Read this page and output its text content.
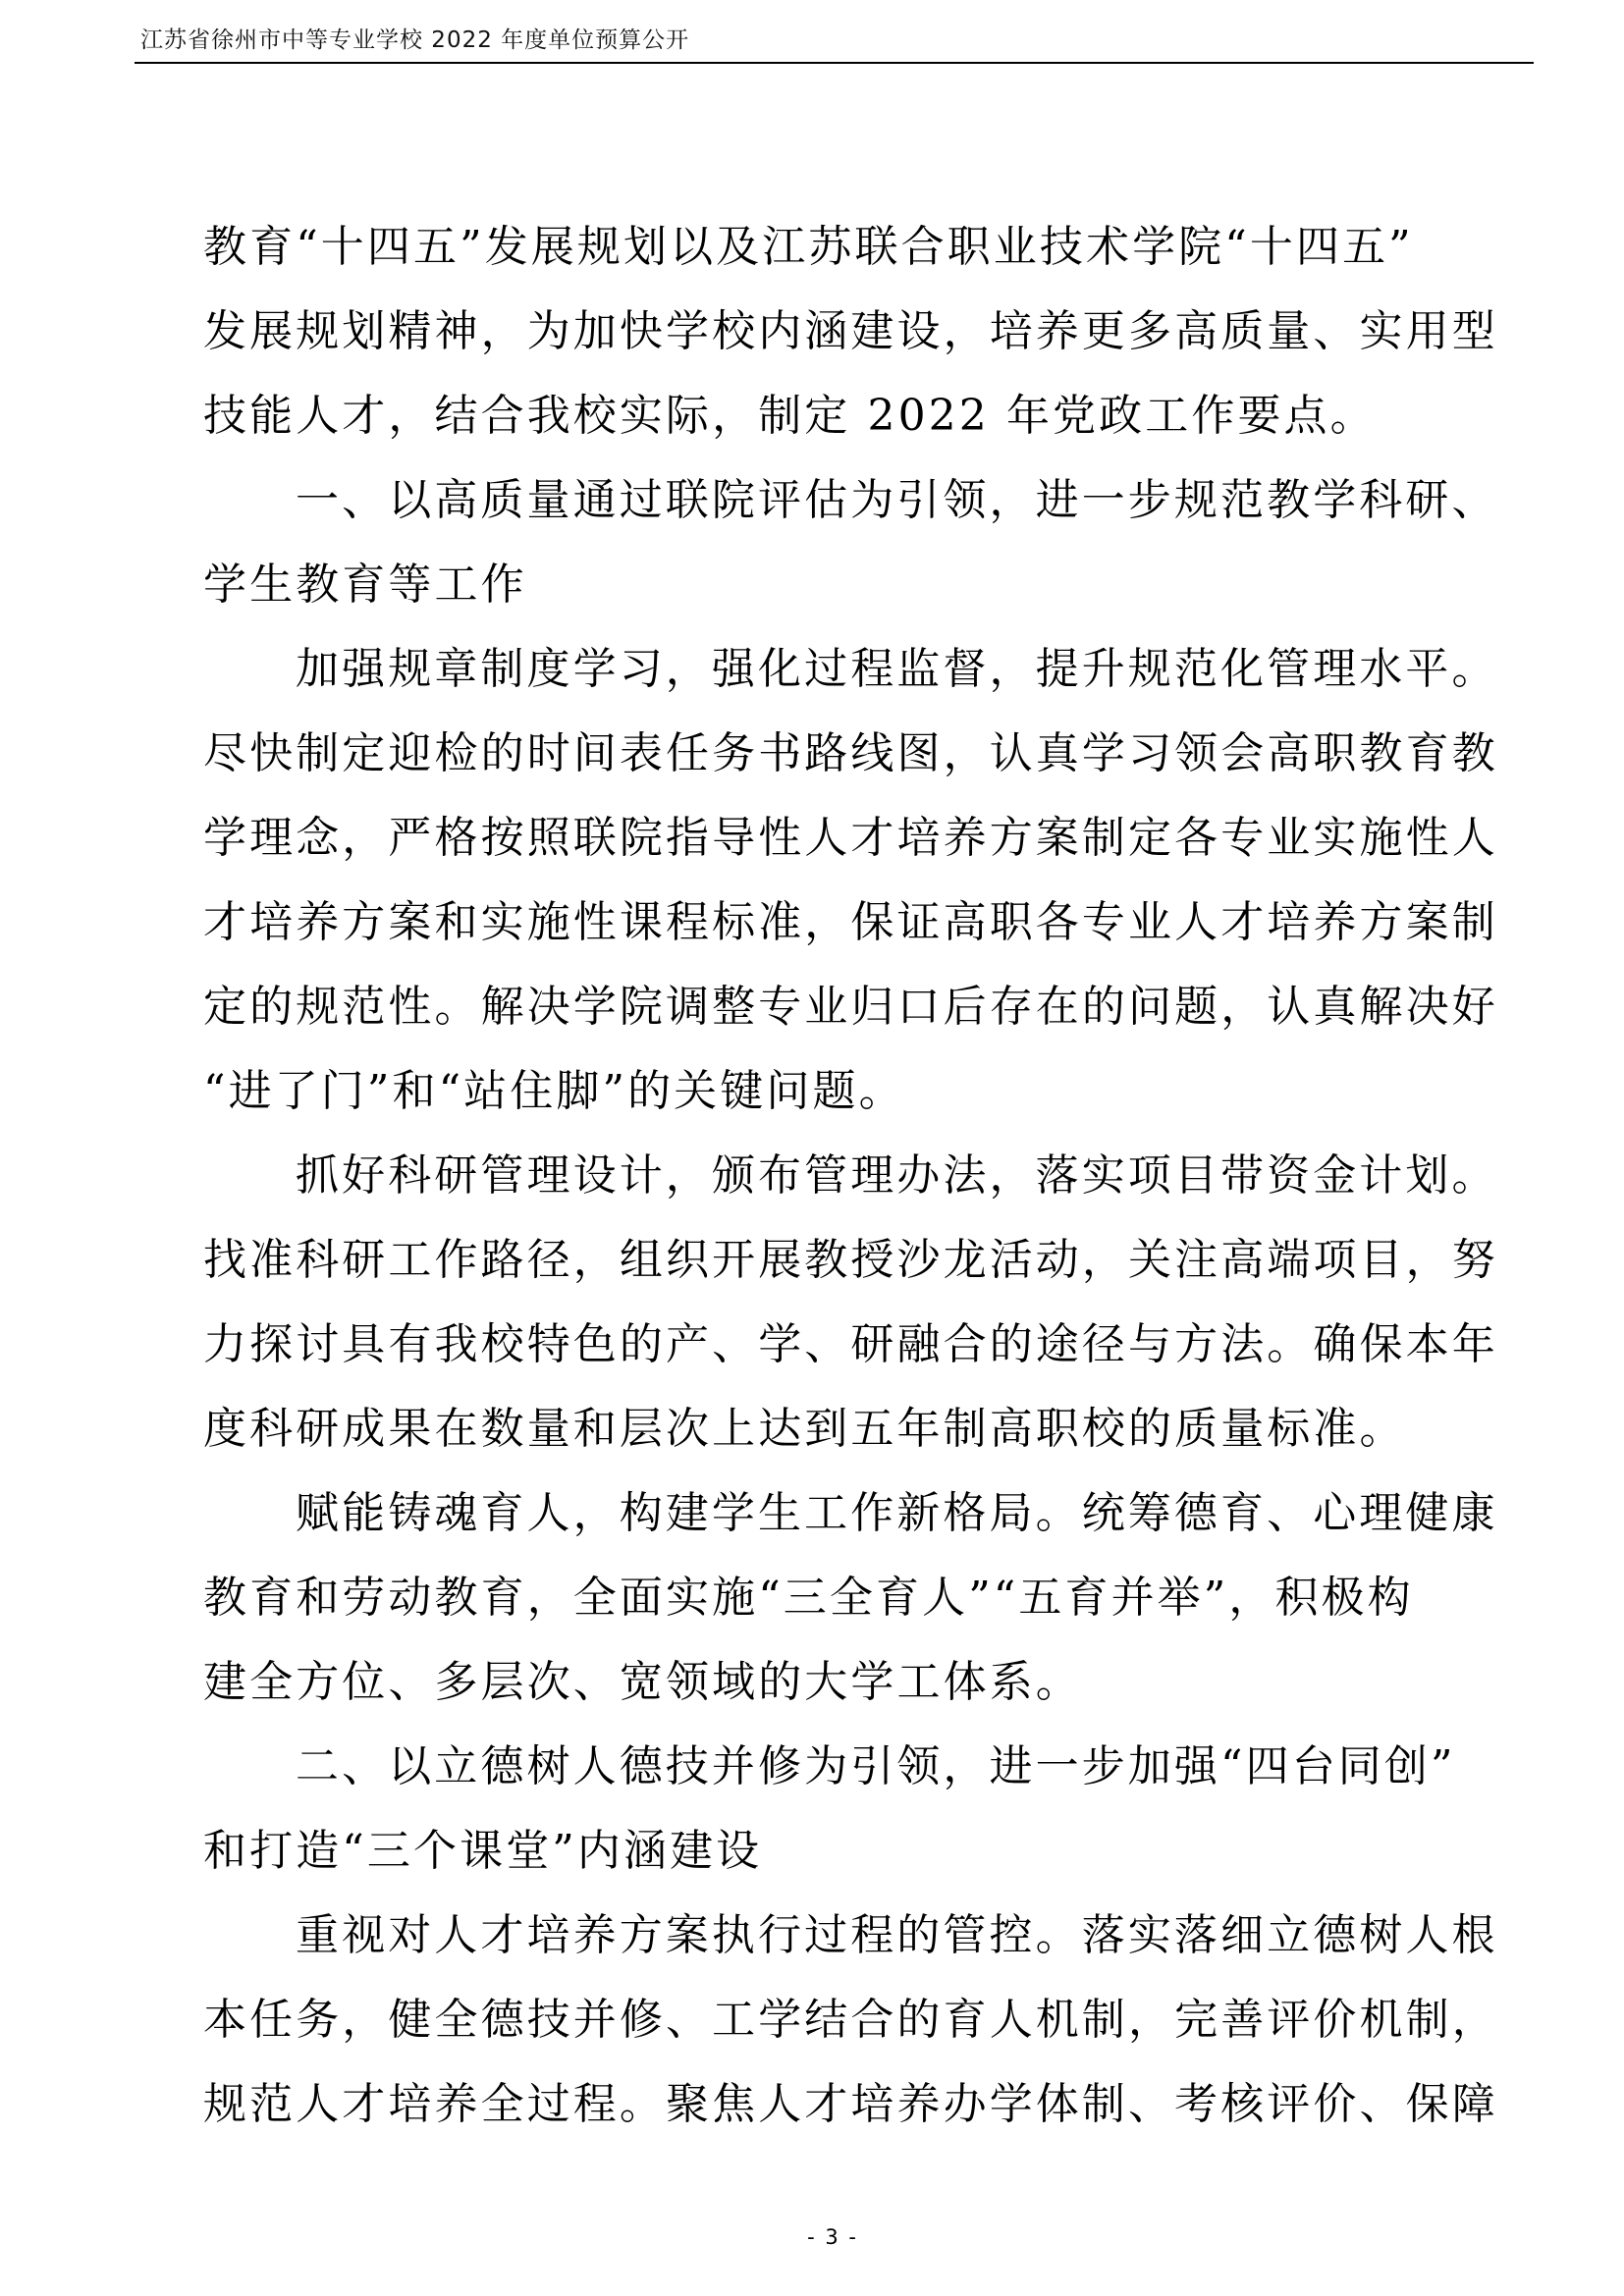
江苏省徐州市中等专业学校 2022 年度单位预算公开
教育“十四五”发展规划以及江苏联合职业技术学院“十四五”
发展规划精神，为加快学校内涵建设，培养更多高质量、实用型
技能人才，结合我校实际，制定 2022 年党政工作要点。
一、以高质量通过联院评估为引领，进一步规范教学科研、
学生教育等工作
加强规章制度学习，强化过程监督，提升规范化管理水平。
尽快制定迎检的时间表任务书路线图，认真学习领会高职教育教
学理念，严格按照联院指导性人才培养方案制定各专业实施性人
才培养方案和实施性课程标准，保证高职各专业人才培养方案制
定的规范性。解决学院调整专业归口后存在的问题，认真解决好
“进了门”和“站住脚”的关键问题。
抓好科研管理设计，颁布管理办法，落实项目带资金计划。
找准科研工作路径，组织开展教授沙龙活动，关注高端项目，努
力探讨具有我校特色的产、学、研融合的途径与方法。确保本年
度科研成果在数量和层次上达到五年制高职校的质量标准。
赋能铸魂育人，构建学生工作新格局。统筹德育、心理健康
教育和劳动教育，全面实施“三全育人”“五育并举”，积极构
建全方位、多层次、宽领域的大学工体系。
二、以立德树人德技并修为引领，进一步加强“四台同创”
和打造“三个课堂”内涵建设
重视对人才培养方案执行过程的管控。落实落细立德树人根
本任务，健全德技并修、工学结合的育人机制，完善评价机制，
规范人才培养全过程。聚焦人才培养办学体制、考核评价、保障
- 3 -
